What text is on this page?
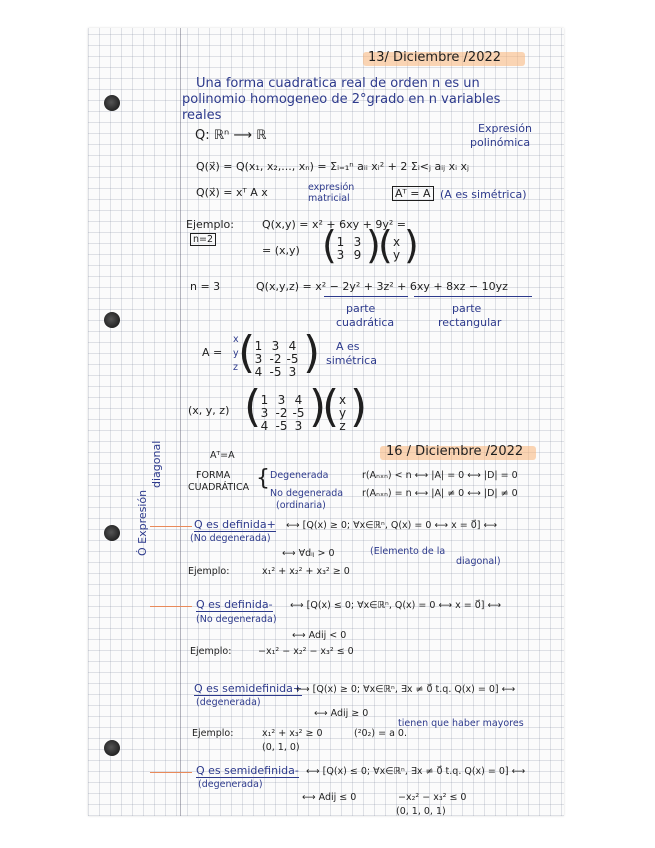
13/ Diciembre /2022
Una forma cuadratica real de orden n es un
polinomio homogeneo de 2°grado en n variables
reales
Q: ℝⁿ ⟶ ℝ	Expresión
polinómica
Q(x⃗) = Q(x₁, x₂,..., xₙ) = Σᵢ₌₁ⁿ aᵢᵢ xᵢ² + 2 Σᵢ<ⱼ aᵢⱼ xᵢ xⱼ
Q(x⃗) = xᵀ A x	expresión
matricial	Aᵀ = A (A es simétrica)
Ejemplo:
n=2
Q(x,y) = x² + 6xy + 9y² =
= (x,y) ( 1 3
3 9 )
( x
y )
n = 3	Q(x,y,z) = x² − 2y² + 3z² + 6xy + 8xz − 10yz
parte
cuadrática
parte
rectangular
A =
x
y
z ( 1 3 4
3 -2 -5
4 -5 3 ) A es
simétrica
(x, y, z) ( 1 3 4
3 -2 -5
4 -5 3 )
( x
y
z )
Aᵀ=A	16 / Diciembre /2022
Ó Expresión
diagonal	FORMA
CUADRÁTICA { Degenerada	r(Aₙₓₙ) < n ⟷ |A| = 0 ⟷ |D| = 0
No degenerada r(Aₙₓₙ) = n ⟷ |A| ≠ 0 ⟷ |D| ≠ 0
(ordinaria)
Q es definida+
(No degenerada)
⟷ [Q(x) ≥ 0; ∀x∈ℝⁿ, Q(x) = 0 ⟷ x = 0⃗] ⟷
⟷ ∀dᵢⱼ > 0	(Elemento de la
diagonal)
Ejemplo:	x₁² + x₂² + x₃² ≥ 0
Q es definida-
(No degenerada)
⟷ [Q(x) ≤ 0; ∀x∈ℝⁿ, Q(x) = 0 ⟷ x = 0⃗] ⟷
⟷ Adij < 0
Ejemplo:	−x₁² − x₂² − x₃² ≤ 0
Q es semidefinida+
(degenerada)
⟷ [Q(x) ≥ 0; ∀x∈ℝⁿ, ∃x ≠ 0⃗ t.q. Q(x) = 0] ⟷
⟷ Adij ≥ 0
Ejemplo:	x₁² + x₃² ≥ 0
(0, 1, 0)
(²0₂) = a 0.
tienen que haber mayores
Q es semidefinida-
(degenerada)
⟷ [Q(x) ≤ 0; ∀x∈ℝⁿ, ∃x ≠ 0⃗ t.q. Q(x) = 0] ⟷
⟷ Adij ≤ 0	−x₂² − x₃² ≤ 0
(0, 1, 0, 1)
